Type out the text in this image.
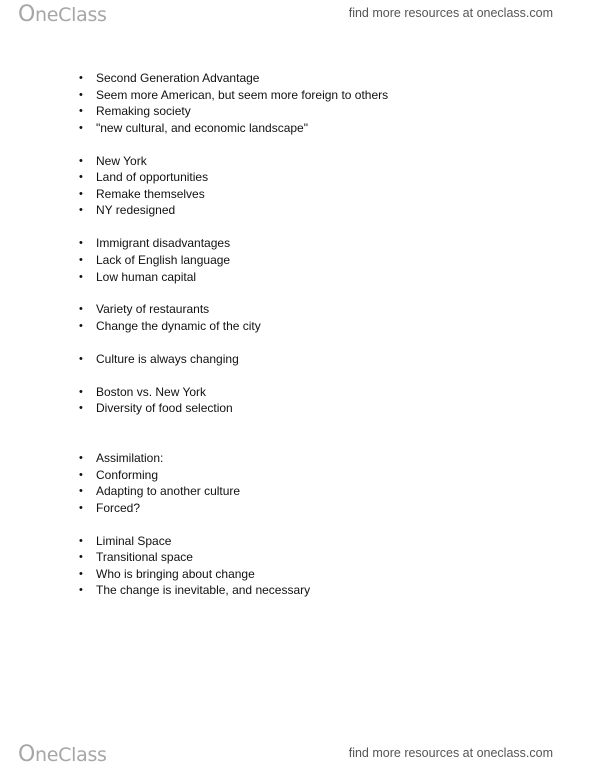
OneClass	find more resources at oneclass.com
• Second Generation Advantage
• Seem more American, but seem more foreign to others
• Remaking society
• "new cultural, and economic landscape"
• New York
• Land of opportunities
• Remake themselves
• NY redesigned
• Immigrant disadvantages
• Lack of English language
• Low human capital
• Variety of restaurants
• Change the dynamic of the city
• Culture is always changing
• Boston vs. New York
• Diversity of food selection
• Assimilation:
• Conforming
• Adapting to another culture
• Forced?
• Liminal Space
• Transitional space
• Who is bringing about change
• The change is inevitable, and necessary
OneClass	find more resources at oneclass.com
